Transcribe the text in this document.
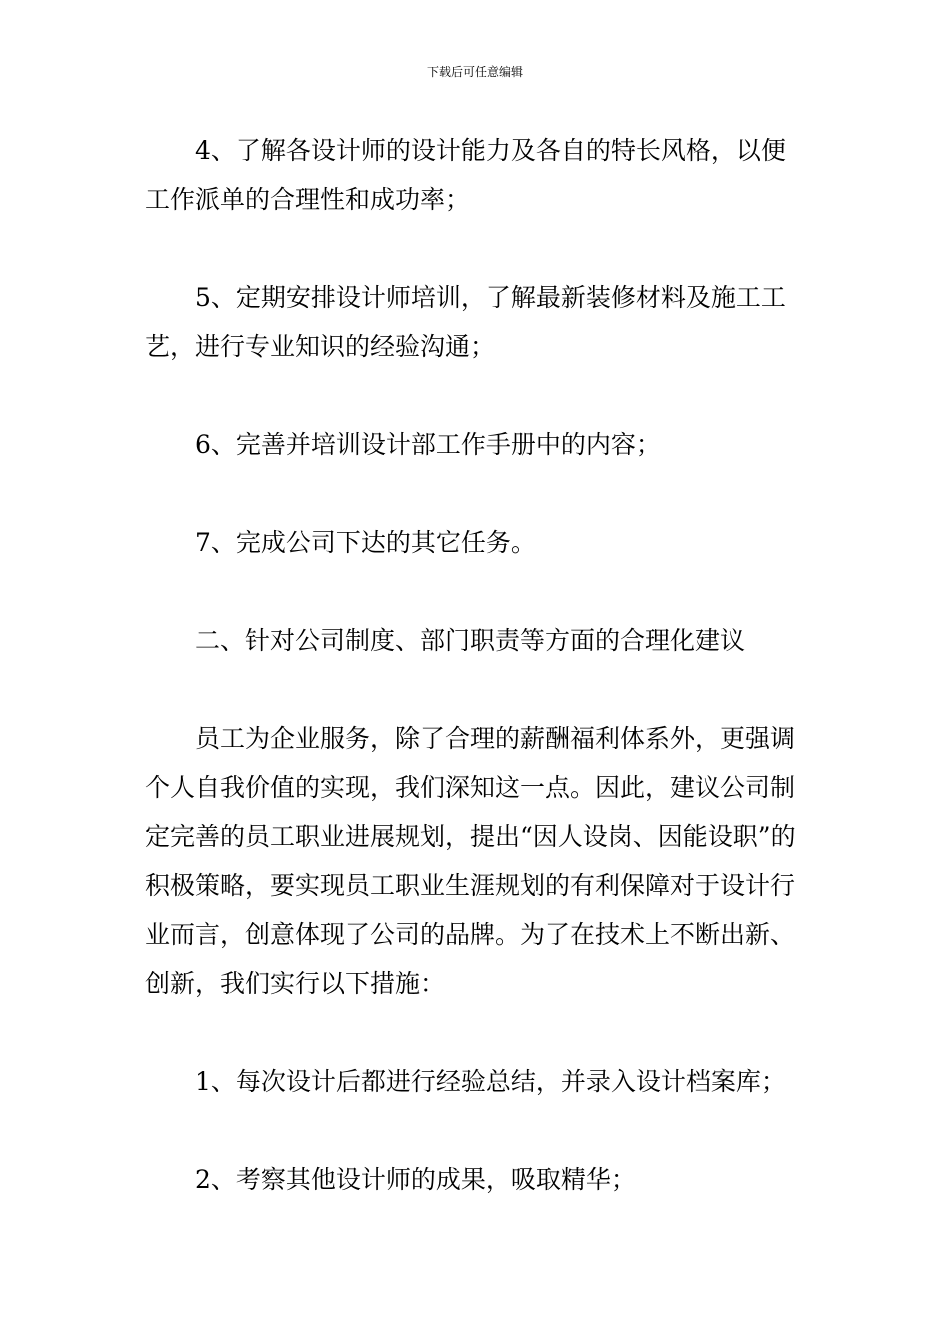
下载后可任意编辑

4、了解各设计师的设计能力及各自的特长风格，以便工作派单的合理性和成功率；

5、定期安排设计师培训，了解最新装修材料及施工工艺，进行专业知识的经验沟通；

6、完善并培训设计部工作手册中的内容；

7、完成公司下达的其它任务。

二、针对公司制度、部门职责等方面的合理化建议

员工为企业服务，除了合理的薪酬福利体系外，更强调个人自我价值的实现，我们深知这一点。因此，建议公司制定完善的员工职业进展规划，提出“因人设岗、因能设职”的积极策略，要实现员工职业生涯规划的有利保障对于设计行业而言，创意体现了公司的品牌。为了在技术上不断出新、创新，我们实行以下措施：

1、每次设计后都进行经验总结，并录入设计档案库；

2、考察其他设计师的成果，吸取精华；
